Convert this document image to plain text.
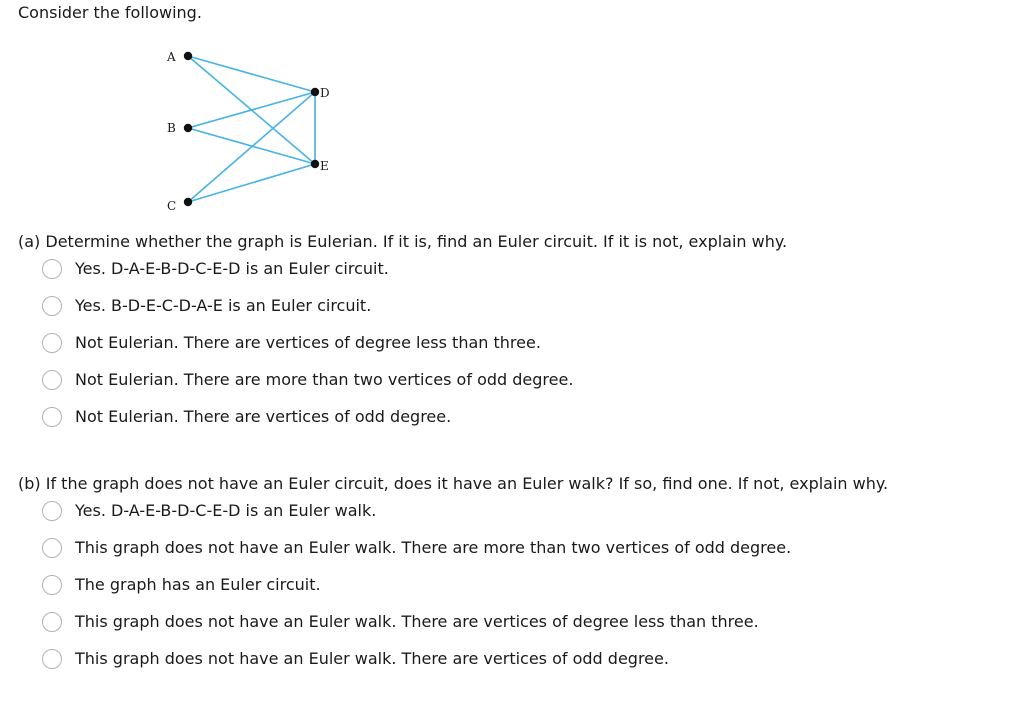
Consider the following.
A
B
C
D
E
(a) Determine whether the graph is Eulerian. If it is, find an Euler circuit. If it is not, explain why.
Yes. D-A-E-B-D-C-E-D is an Euler circuit.
Yes. B-D-E-C-D-A-E is an Euler circuit.
Not Eulerian. There are vertices of degree less than three.
Not Eulerian. There are more than two vertices of odd degree.
Not Eulerian. There are vertices of odd degree.
(b) If the graph does not have an Euler circuit, does it have an Euler walk? If so, find one. If not, explain why.
Yes. D-A-E-B-D-C-E-D is an Euler walk.
This graph does not have an Euler walk. There are more than two vertices of odd degree.
The graph has an Euler circuit.
This graph does not have an Euler walk. There are vertices of degree less than three.
This graph does not have an Euler walk. There are vertices of odd degree.
